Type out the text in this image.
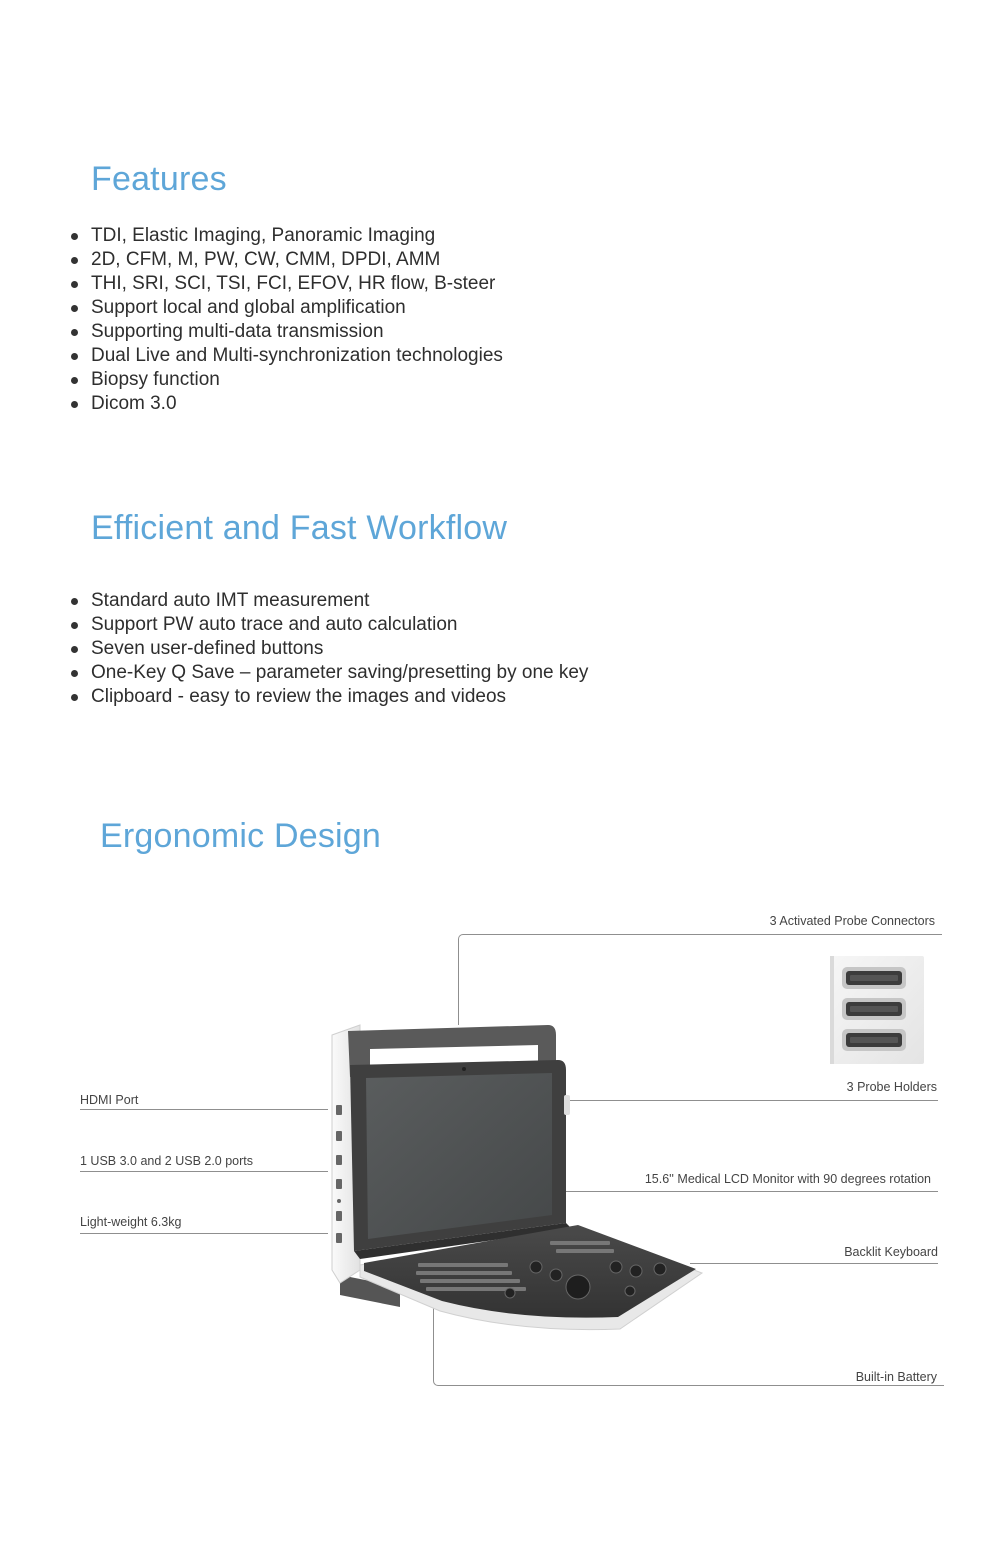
Features
TDI, Elastic Imaging, Panoramic Imaging
2D, CFM, M, PW, CW, CMM, DPDI, AMM
THI, SRI, SCI, TSI, FCI, EFOV, HR flow, B-steer
Support local and global amplification
Supporting multi-data transmission
Dual Live and Multi-synchronization technologies
Biopsy function
Dicom 3.0
Efficient and Fast Workflow
Standard auto IMT measurement
Support PW auto trace and auto calculation
Seven user-defined buttons
One-Key Q Save – parameter saving/presetting by one key
Clipboard - easy to review the images and videos
Ergonomic Design
3 Activated Probe Connectors
3 Probe Holders
15.6'' Medical LCD Monitor with 90 degrees rotation
Backlit Keyboard
Built-in Battery
HDMI Port
1 USB 3.0 and 2 USB 2.0 ports
Light-weight 6.3kg
